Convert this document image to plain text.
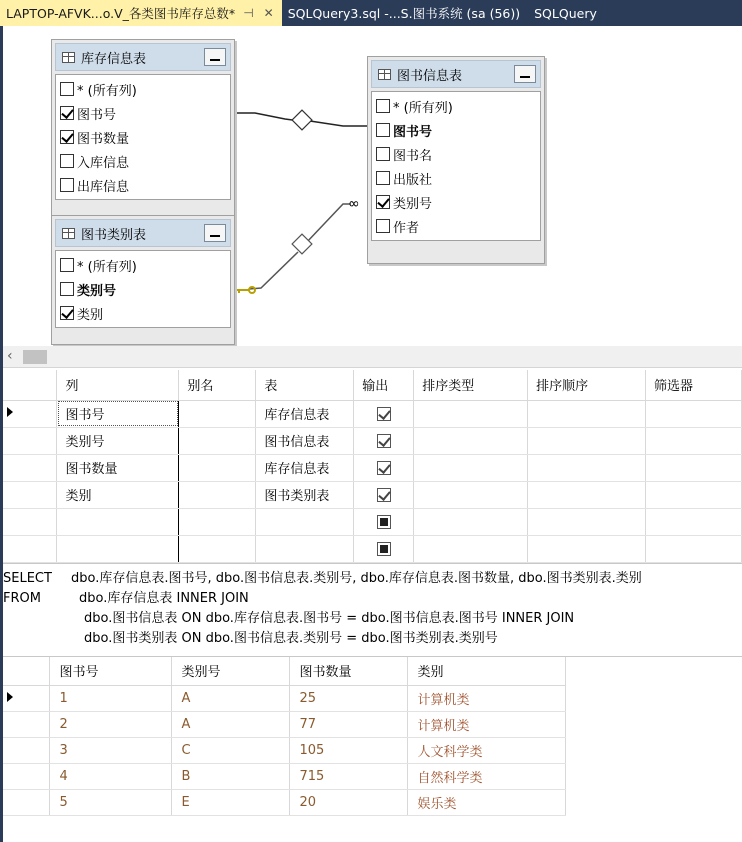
LAPTOP-AFVK...o.V_各类图书库存总数* ⊣ ✕ SQLQuery3.sql -...S.图书系统 (sa (56)) SQLQuery
∞
库存信息表
* (所有列)
图书号
图书数量
入库信息
出库信息
图书信息表
* (所有列)
图书号
图书名
出版社
类别号
作者
图书类别表
* (所有列)
类别号
类别
‹
	列	别名	表	输出	排序类型	排序顺序	筛选器
	图书号		库存信息表				
	类别号		图书信息表				
	图书数量		库存信息表				
	类别		图书类别表				

SELECT	dbo.库存信息表.图书号, dbo.图书信息表.类别号, dbo.库存信息表.图书数量, dbo.图书类别表.类别
FROM	dbo.库存信息表 INNER JOIN
dbo.图书信息表 ON dbo.库存信息表.图书号 = dbo.图书信息表.图书号 INNER JOIN
dbo.图书类别表 ON dbo.图书信息表.类别号 = dbo.图书类别表.类别号
	图书号	类别号	图书数量	类别
	1	A	25	计算机类
	2	A	77	计算机类
	3	C	105	人文科学类
	4	B	715	自然科学类
	5	E	20	娱乐类
